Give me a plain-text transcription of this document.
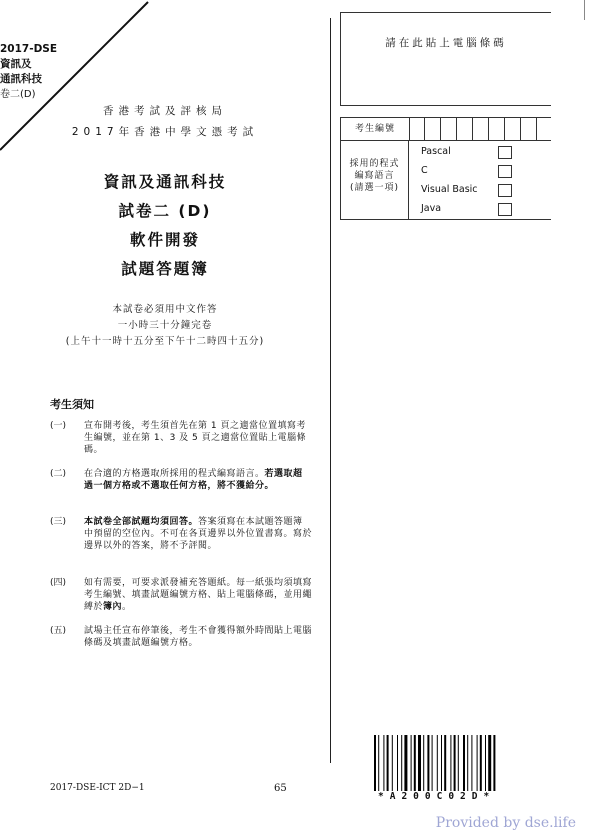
2017-DSE
資訊及
通訊科技
卷二(D)
香港考試及評核局
2017年香港中學文憑考試
資訊及通訊科技
試卷二 (D)
軟件開發
試題答題簿
本試卷必須用中文作答
一小時三十分鐘完卷
(上午十一時十五分至下午十二時四十五分)
考生須知
(一)	宣布開考後，考生須首先在第 1 頁之適當位置填寫考生編號，並在第 1、3 及 5 頁之適當位置貼上電腦條碼。
(二)	在合適的方格選取所採用的程式編寫語言。若選取超過一個方格或不選取任何方格，將不獲給分。
(三)	本試卷全部試題均須回答。答案須寫在本試題答題簿中預留的空位內。不可在各頁邊界以外位置書寫。寫於邊界以外的答案，將不予評閱。
(四)	如有需要，可要求派發補充答題紙。每一紙張均須填寫考生編號、填畫試題編號方格、貼上電腦條碼，並用繩縛於簿內。
(五)	試場主任宣布停筆後，考生不會獲得額外時間貼上電腦條碼及填畫試題編號方格。
請在此貼上電腦條碼
考生編號
採用的程式
編寫語言
(請選一項)
Pascal
C
Visual Basic
Java
*A200C02D*
2017-DSE-ICT 2D−1	65
Provided by dse.life
